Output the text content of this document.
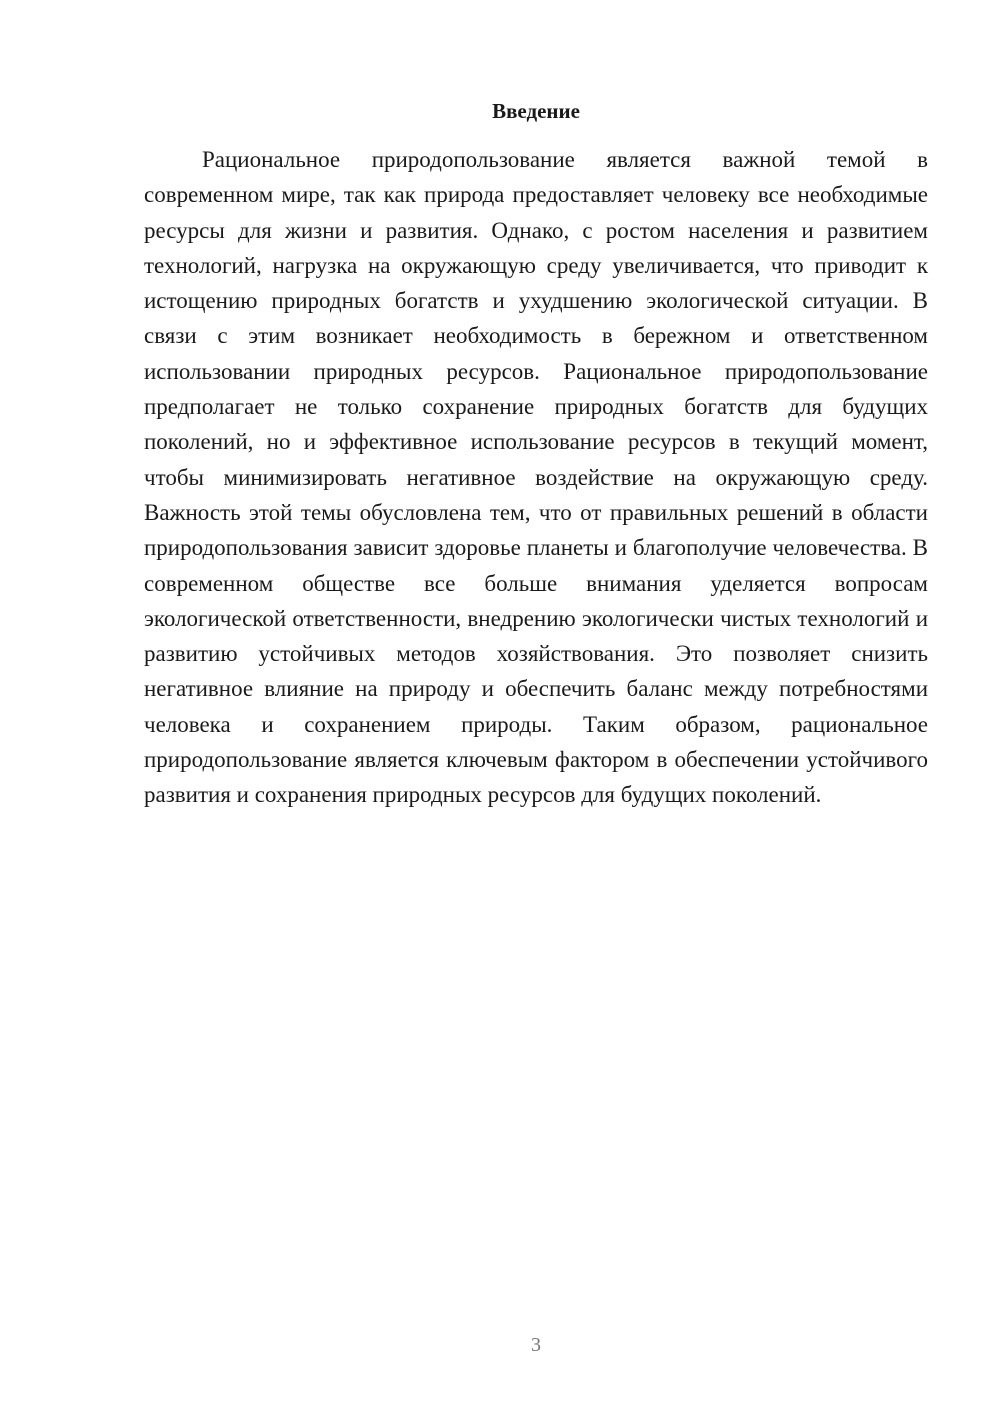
Введение

Рациональное природопользование является важной темой в современном мире, так как природа предоставляет человеку все необходимые ресурсы для жизни и развития. Однако, с ростом населения и развитием технологий, нагрузка на окружающую среду увеличивается, что приводит к истощению природных богатств и ухудшению экологической ситуации. В связи с этим возникает необходимость в бережном и ответственном использовании природных ресурсов. Рациональное природопользование предполагает не только сохранение природных богатств для будущих поколений, но и эффективное использование ресурсов в текущий момент, чтобы минимизировать негативное воздействие на окружающую среду. Важность этой темы обусловлена тем, что от правильных решений в области природопользования зависит здоровье планеты и благополучие человечества. В современном обществе все больше внимания уделяется вопросам экологической ответственности, внедрению экологически чистых технологий и развитию устойчивых методов хозяйствования. Это позволяет снизить негативное влияние на природу и обеспечить баланс между потребностями человека и сохранением природы. Таким образом, рациональное природопользование является ключевым фактором в обеспечении устойчивого развития и сохранения природных ресурсов для будущих поколений.

3
